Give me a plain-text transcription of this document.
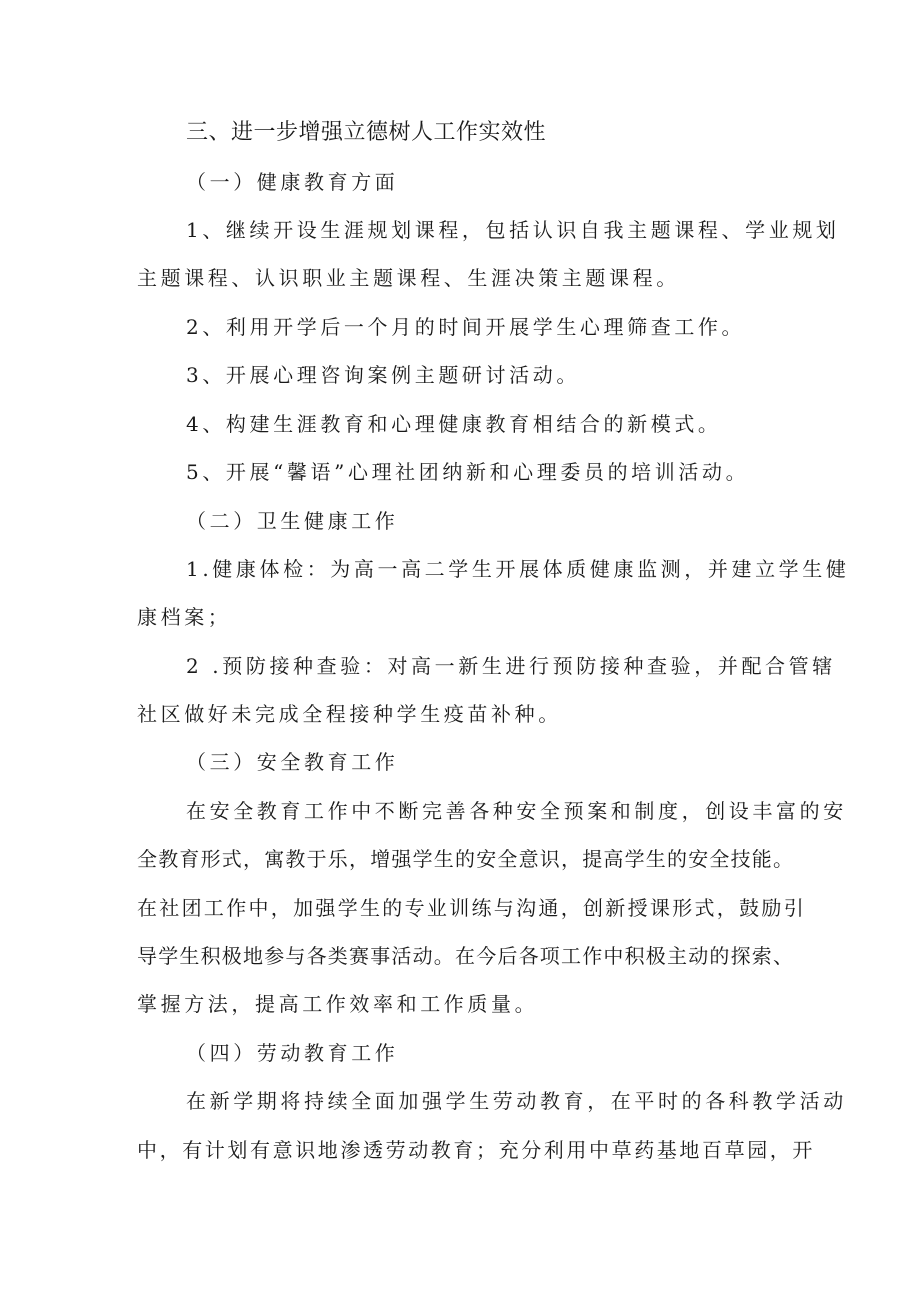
三、进一步增强立德树人工作实效性
（一）健康教育方面
1、继续开设生涯规划课程，包括认识自我主题课程、学业规划
主题课程、认识职业主题课程、生涯决策主题课程。
2、利用开学后一个月的时间开展学生心理筛查工作。
3、开展心理咨询案例主题研讨活动。
4、构建生涯教育和心理健康教育相结合的新模式。
5、开展“馨语”心理社团纳新和心理委员的培训活动。
（二）卫生健康工作
1.健康体检：为高一高二学生开展体质健康监测，并建立学生健
康档案；
2 .预防接种查验：对高一新生进行预防接种查验，并配合管辖
社区做好未完成全程接种学生疫苗补种。
（三）安全教育工作
在安全教育工作中不断完善各种安全预案和制度，创设丰富的安
全教育形式，寓教于乐，增强学生的安全意识，提高学生的安全技能。
在社团工作中，加强学生的专业训练与沟通，创新授课形式，鼓励引
导学生积极地参与各类赛事活动。在今后各项工作中积极主动的探索、
掌握方法，提高工作效率和工作质量。
（四）劳动教育工作
在新学期将持续全面加强学生劳动教育，在平时的各科教学活动
中，有计划有意识地渗透劳动教育；充分利用中草药基地百草园，开
